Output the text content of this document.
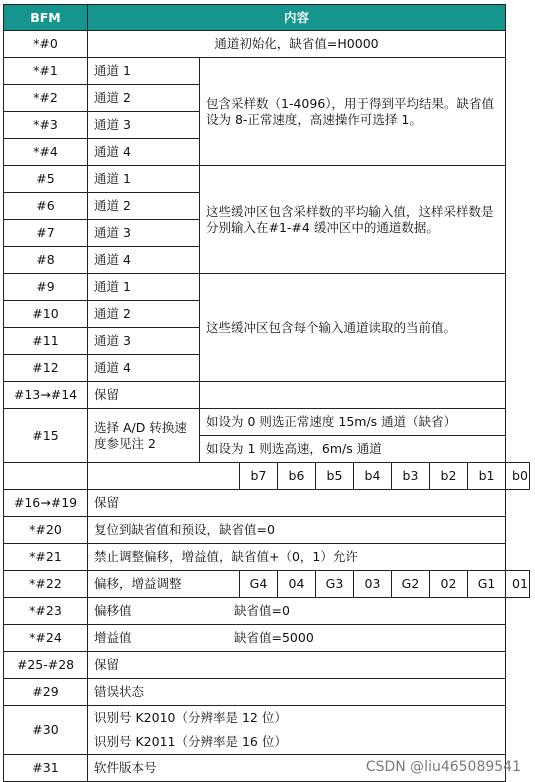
BFM	内容									
*#0	通道初始化，缺省值=H0000									
*#1	通道 1	包含采样数（1-4096），用于得到平均结果。缺省值设为 8-正常速度，高速操作可选择 1。								
*#2	通道 2									
*#3	通道 3									
*#4	通道 4									
#5	通道 1	这些缓冲区包含采样数的平均输入值，这样采样数是分别输入在#1-#4 缓冲区中的通道数据。								
#6	通道 2									
#7	通道 3									
#8	通道 4									
#9	通道 1	这些缓冲区包含每个输入通道读取的当前值。								
#10	通道 2									
#11	通道 3									
#12	通道 4									
#13→#14	保留									
#15	选择 A/D 转换速度参见注 2	如设为 0 则选正常速度 15m/s 通道（缺省）								
		如设为 1 则选高速，6m/s 通道								
			b7	b6	b5	b4	b3	b2	b1	b0
#16→#19	保留									
*#20	复位到缺省值和预设，缺省值=0									
*#21	禁止调整偏移，增益值，缺省值+（0，1）允许									
*#22	偏移，增益调整		G4	04	G3	03	G2	02	G1	01
*#23	偏移值 缺省值=0									
*#24	增益值 缺省值=5000									
#25-#28	保留									
#29	错误状态									
#30	识别号 K2010（分辨率是 12 位）
识别号 K2011（分辨率是 16 位）									

#31	软件版本号										CSDN @liu465089541
